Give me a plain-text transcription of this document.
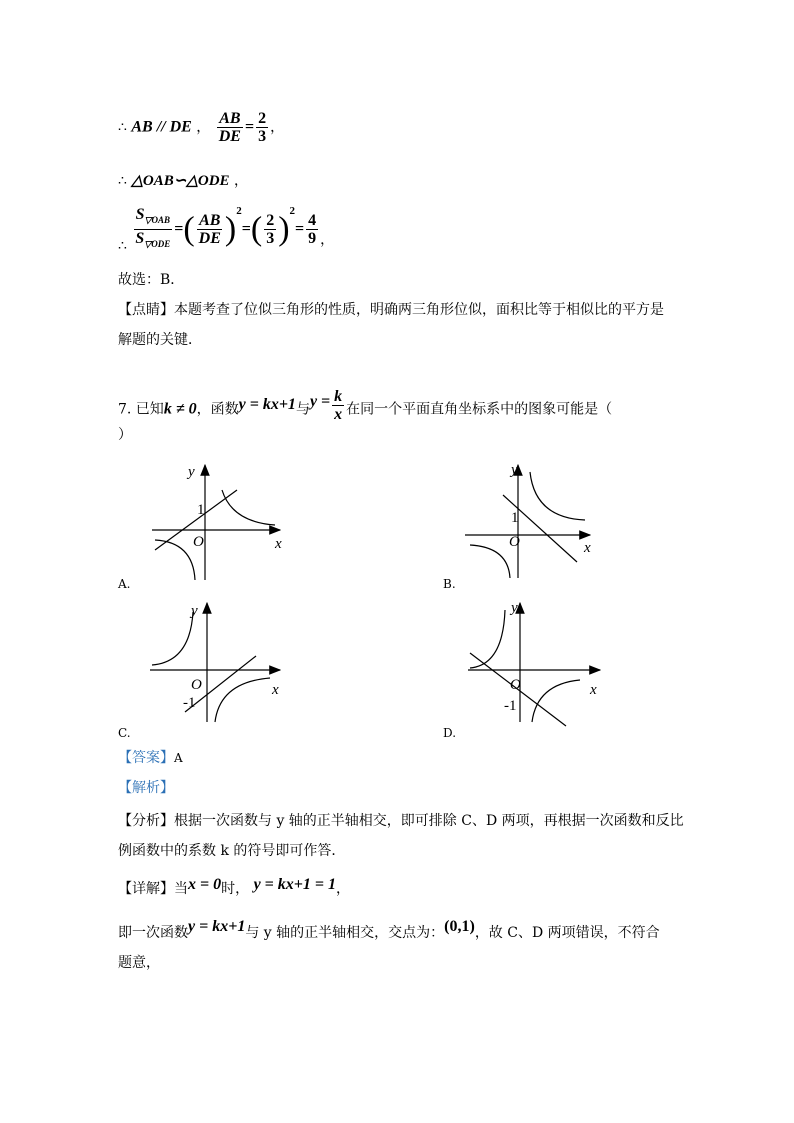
∴ AB // DE ， $\frac{AB}{DE} = \frac{2}{3}$ ，
∴ △OAB∽△ODE ，
∴ $\frac{S_{▽OAB}}{S_{▽ODE}}$ =( $\frac{AB}{DE} )^2=( \frac{2}{3} )^2= \frac{4}{9}$ ，
故选：B．
【点睛】本题考查了位似三角形的性质，明确两三角形位似，面积比等于相似比的平方是
解题的关键．
7. 已知k ≠ 0，函数y = kx+1与$y = \frac{k}{x}$ 在同一个平面直角坐标系中的图象可能是（
）
y
x
y
x
y
x
y
x
O	O
O	O
1	1
-1	-1
A.	B.
C.	D.
【答案】A
【解析】
【分析】根据一次函数与 y 轴的正半轴相交，即可排除 C、D 两项，再根据一次函数和反比
例函数中的系数 k 的符号即可作答．
【详解】当x = 0时， y = kx+1 = 1，
即一次函数y = kx+1与 y 轴的正半轴相交，交点为：(0,1)，故 C、D 两项错误，不符合
题意，
